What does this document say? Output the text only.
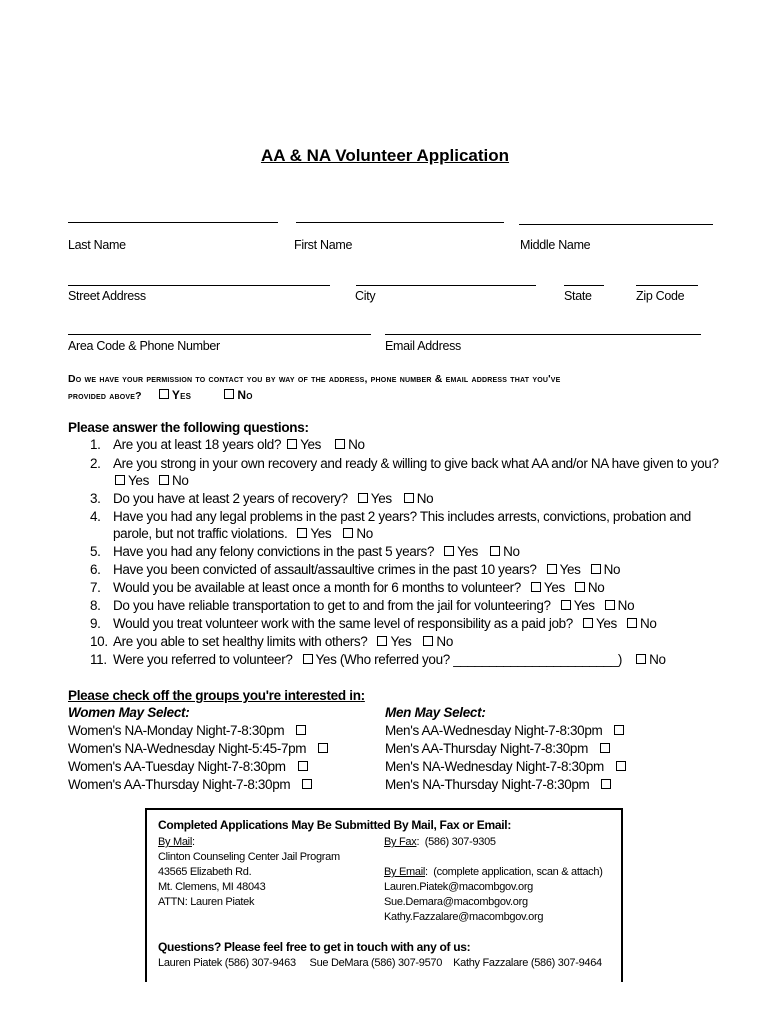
AA & NA Volunteer Application
Last Name	First Name	Middle Name
Street Address	City	State	Zip Code
Area Code & Phone Number	Email Address
Do we have your permission to contact you by way of the address, phone number & email address that you've
provided above?	Yes	No
Please answer the following questions:
1. Are you at least 18 years old? Yes No
2. Are you strong in your own recovery and ready & willing to give back what AA and/or NA have given to you?
Yes No
3. Do you have at least 2 years of recovery? Yes No
4. Have you had any legal problems in the past 2 years? This includes arrests, convictions, probation and
parole, but not traffic violations. Yes No
5. Have you had any felony convictions in the past 5 years? Yes No
6. Have you been convicted of assault/assaultive crimes in the past 10 years? Yes No
7. Would you be available at least once a month for 6 months to volunteer? Yes No
8. Do you have reliable transportation to get to and from the jail for volunteering? Yes No
9. Would you treat volunteer work with the same level of responsibility as a paid job? Yes No
10. Are you able to set healthy limits with others? Yes No
11. Were you referred to volunteer? Yes (Who referred you? _______________________) No
Please check off the groups you're interested in:
Women May Select:	Men May Select:
Women's NA-Monday Night-7-8:30pm
Women's NA-Wednesday Night-5:45-7pm
Women's AA-Tuesday Night-7-8:30pm
Women's AA-Thursday Night-7-8:30pm
Men's AA-Wednesday Night-7-8:30pm
Men's AA-Thursday Night-7-8:30pm
Men's NA-Wednesday Night-7-8:30pm
Men's NA-Thursday Night-7-8:30pm
Completed Applications May Be Submitted By Mail, Fax or Email:
By Mail:
Clinton Counseling Center Jail Program
43565 Elizabeth Rd.
Mt. Clemens, MI 48043
ATTN: Lauren Piatek
By Fax:  (586) 307-9305
By Email:  (complete application, scan & attach)
Lauren.Piatek@macombgov.org
Sue.Demara@macombgov.org
Kathy.Fazzalare@macombgov.org
Questions? Please feel free to get in touch with any of us:
Lauren Piatek (586) 307-9463     Sue DeMara (586) 307-9570    Kathy Fazzalare (586) 307-9464
